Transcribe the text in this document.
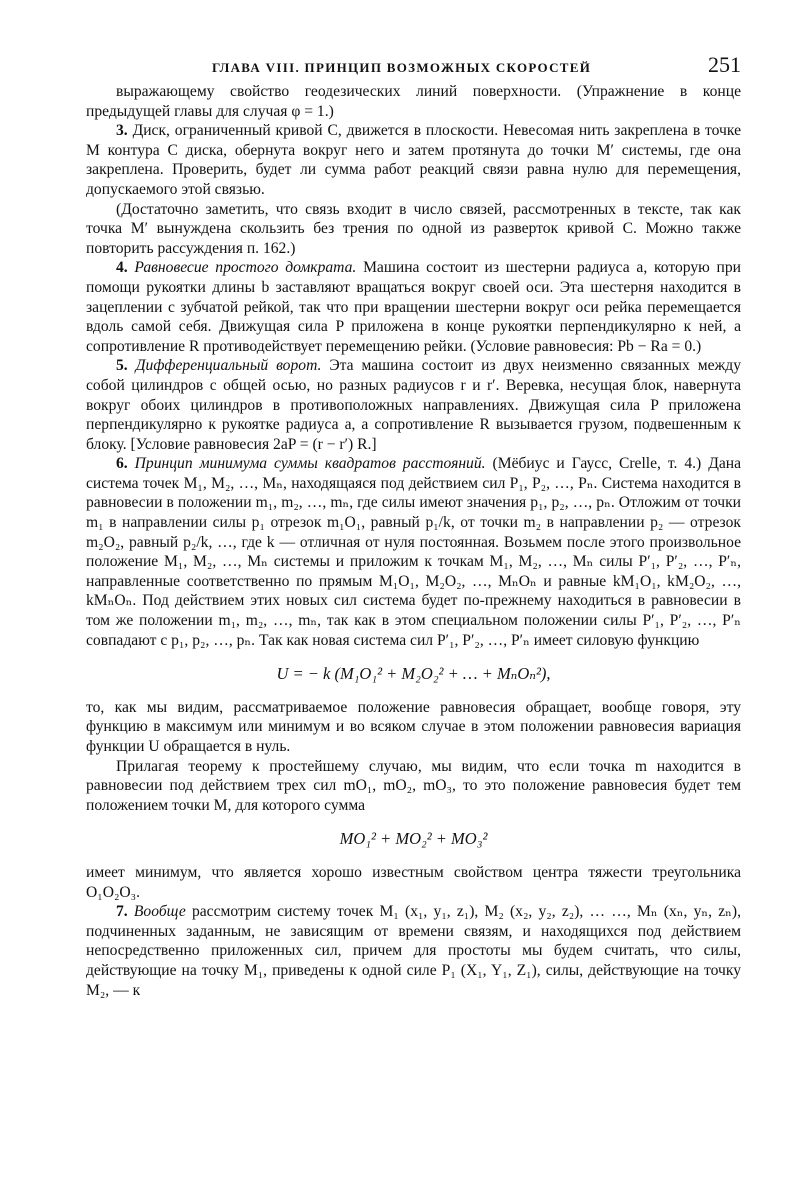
ГЛАВА VIII. ПРИНЦИП ВОЗМОЖНЫХ СКОРОСТЕЙ	251

выражающему свойство геодезических линий поверхности. (Упражнение в конце предыдущей главы для случая φ = 1.)

3. Диск, ограниченный кривой C, движется в плоскости. Невесомая нить закреплена в точке M контура C диска, обернута вокруг него и затем протянута до точки M′ системы, где она закреплена. Проверить, будет ли сумма работ реакций связи равна нулю для перемещения, допускаемого этой связью.

(Достаточно заметить, что связь входит в число связей, рассмотренных в тексте, так как точка M′ вынуждена скользить без трения по одной из разверток кривой C. Можно также повторить рассуждения п. 162.)

4. Равновесие простого домкрата. Машина состоит из шестерни радиуса a, которую при помощи рукоятки длины b заставляют вращаться вокруг своей оси. Эта шестерня находится в зацеплении с зубчатой рейкой, так что при вращении шестерни вокруг оси рейка перемещается вдоль самой себя. Движущая сила P приложена в конце рукоятки перпендикулярно к ней, а сопротивление R противодействует перемещению рейки. (Условие равновесия: Pb − Ra = 0.)

5. Дифференциальный ворот. Эта машина состоит из двух неизменно связанных между собой цилиндров с общей осью, но разных радиусов r и r′. Веревка, несущая блок, навернута вокруг обоих цилиндров в противоположных направлениях. Движущая сила P приложена перпендикулярно к рукоятке радиуса a, а сопротивление R вызывается грузом, подвешенным к блоку. [Условие равновесия 2aP = (r − r′) R.]

6. Принцип минимума суммы квадратов расстояний. (Мёбиус и Гаусс, Crelle, т. 4.) Дана система точек M₁, M₂, …, Mₙ, находящаяся под действием сил P₁, P₂, …, Pₙ. Система находится в равновесии в положении m₁, m₂, …, mₙ, где силы имеют значения p₁, p₂, …, pₙ. Отложим от точки m₁ в направлении силы p₁ отрезок m₁O₁, равный p₁/k, от точки m₂ в направлении p₂ — отрезок m₂O₂, равный p₂/k, …, где k — отличная от нуля постоянная. Возьмем после этого произвольное положение M₁, M₂, …, Mₙ системы и приложим к точкам M₁, M₂, …, Mₙ силы P′₁, P′₂, …, P′ₙ, направленные соответственно по прямым M₁O₁, M₂O₂, …, MₙOₙ и равные kM₁O₁, kM₂O₂, …, kMₙOₙ. Под действием этих новых сил система будет по-прежнему находиться в равновесии в том же положении m₁, m₂, …, mₙ, так как в этом специальном положении силы P′₁, P′₂, …, P′ₙ совпадают с p₁, p₂, …, pₙ. Так как новая система сил P′₁, P′₂, …, P′ₙ имеет силовую функцию

U = − k (M₁O₁² + M₂O₂² + … + MₙOₙ²),

то, как мы видим, рассматриваемое положение равновесия обращает, вообще говоря, эту функцию в максимум или минимум и во всяком случае в этом положении равновесия вариация функции U обращается в нуль.

Прилагая теорему к простейшему случаю, мы видим, что если точка m находится в равновесии под действием трех сил mO₁, mO₂, mO₃, то это положение равновесия будет тем положением точки M, для которого сумма

MO₁² + MO₂² + MO₃²

имеет минимум, что является хорошо известным свойством центра тяжести треугольника O₁O₂O₃.

7. Вообще рассмотрим систему точек M₁ (x₁, y₁, z₁), M₂ (x₂, y₂, z₂), … …, Mₙ (xₙ, yₙ, zₙ), подчиненных заданным, не зависящим от времени связям, и находящихся под действием непосредственно приложенных сил, причем для простоты мы будем считать, что силы, действующие на точку M₁, приведены к одной силе P₁ (X₁, Y₁, Z₁), силы, действующие на точку M₂, — к
